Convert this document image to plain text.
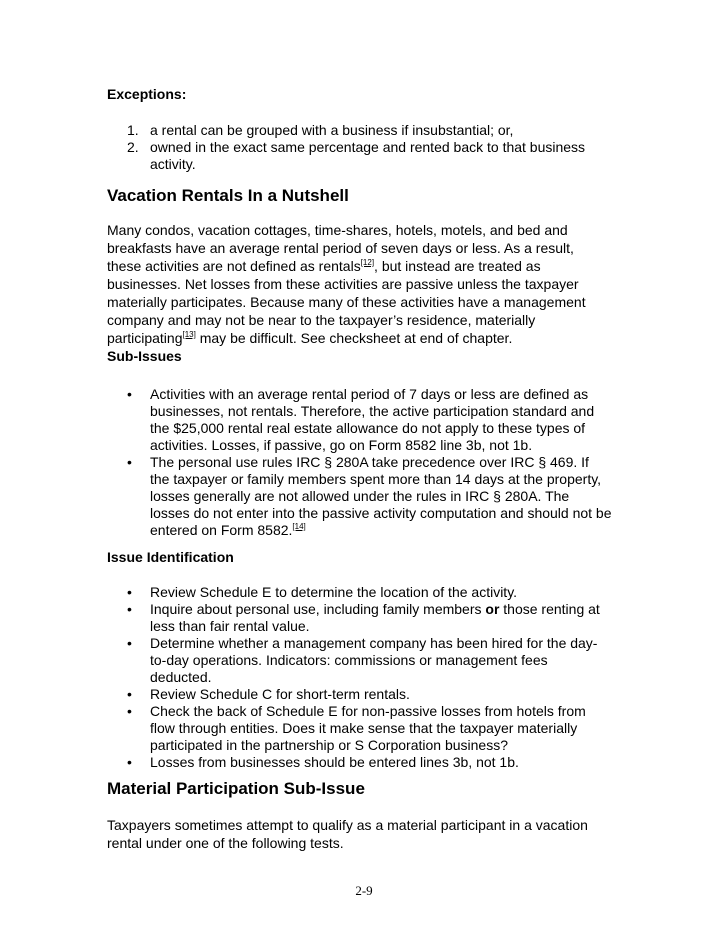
Exceptions:
1. a rental can be grouped with a business if insubstantial; or,
2. owned in the exact same percentage and rented back to that business
activity.
Vacation Rentals In a Nutshell
Many condos, vacation cottages, time-shares, hotels, motels, and bed and
breakfasts have an average rental period of seven days or less. As a result,
these activities are not defined as rentals[12], but instead are treated as
businesses. Net losses from these activities are passive unless the taxpayer
materially participates. Because many of these activities have a management
company and may not be near to the taxpayer’s residence, materially
participating[13] may be difficult. See checksheet at end of chapter.
Sub-Issues
• Activities with an average rental period of 7 days or less are defined as
businesses, not rentals. Therefore, the active participation standard and
the $25,000 rental real estate allowance do not apply to these types of
activities. Losses, if passive, go on Form 8582 line 3b, not 1b.
• The personal use rules IRC § 280A take precedence over IRC § 469. If
the taxpayer or family members spent more than 14 days at the property,
losses generally are not allowed under the rules in IRC § 280A. The
losses do not enter into the passive activity computation and should not be
entered on Form 8582.[14]
Issue Identification
• Review Schedule E to determine the location of the activity.
• Inquire about personal use, including family members or those renting at
less than fair rental value.
• Determine whether a management company has been hired for the day-
to-day operations. Indicators: commissions or management fees
deducted.
• Review Schedule C for short-term rentals.
• Check the back of Schedule E for non-passive losses from hotels from
flow through entities. Does it make sense that the taxpayer materially
participated in the partnership or S Corporation business?
• Losses from businesses should be entered lines 3b, not 1b.
Material Participation Sub-Issue
Taxpayers sometimes attempt to qualify as a material participant in a vacation
rental under one of the following tests.
2-9
